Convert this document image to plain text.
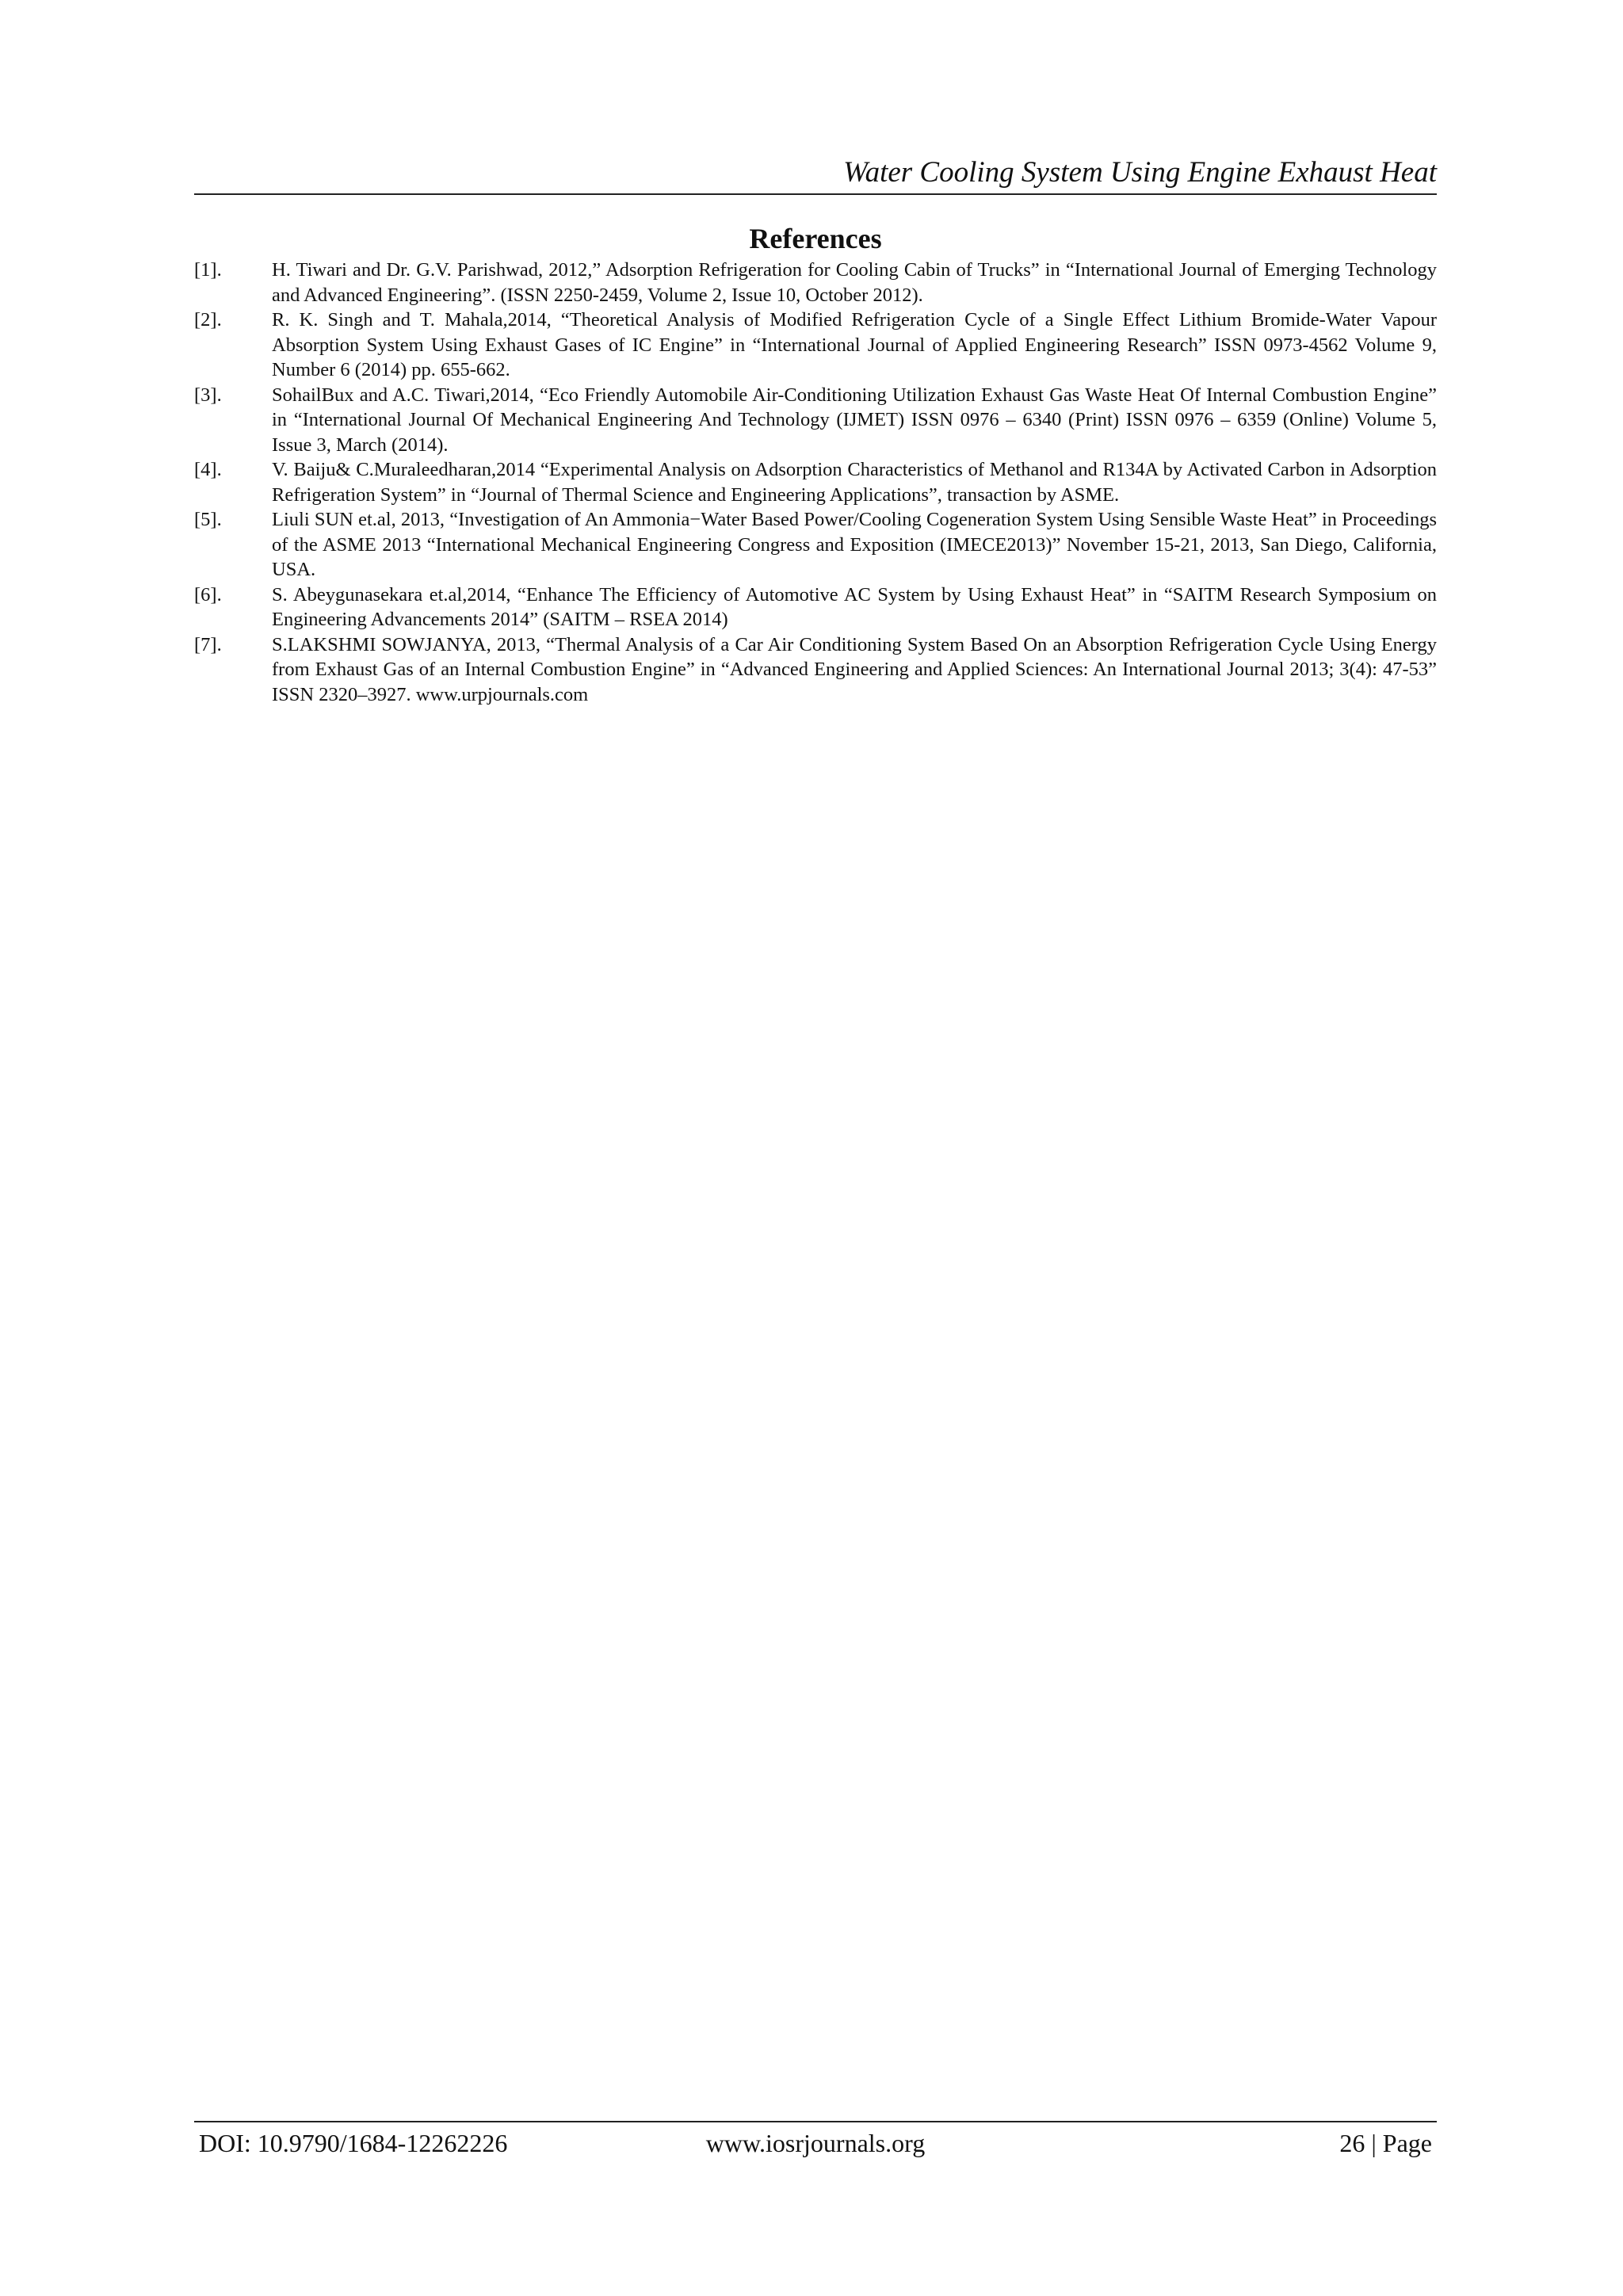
Water Cooling System Using Engine Exhaust Heat
References
[1].	H. Tiwari and Dr. G.V. Parishwad, 2012,” Adsorption Refrigeration for Cooling Cabin of Trucks” in “International Journal of Emerging Technology and Advanced Engineering”. (ISSN 2250-2459, Volume 2, Issue 10, October 2012).
[2].	R. K. Singh and T. Mahala,2014, “Theoretical Analysis of Modified Refrigeration Cycle of a Single Effect Lithium Bromide-Water Vapour Absorption System Using Exhaust Gases of IC Engine” in “International Journal of Applied Engineering Research” ISSN 0973-4562 Volume 9, Number 6 (2014) pp. 655-662.
[3].	SohailBux and A.C. Tiwari,2014, “Eco Friendly Automobile Air-Conditioning Utilization Exhaust Gas Waste Heat Of Internal Combustion Engine” in “International Journal Of Mechanical Engineering And Technology (IJMET) ISSN 0976 – 6340 (Print) ISSN 0976 – 6359 (Online) Volume 5, Issue 3, March (2014).
[4].	V. Baiju& C.Muraleedharan,2014 “Experimental Analysis on Adsorption Characteristics of Methanol and R134A by Activated Carbon in Adsorption Refrigeration System” in “Journal of Thermal Science and Engineering Applications”, transaction by ASME.
[5].	Liuli SUN et.al, 2013, “Investigation of An Ammonia−Water Based Power/Cooling Cogeneration System Using Sensible Waste Heat” in Proceedings of the ASME 2013 “International Mechanical Engineering Congress and Exposition (IMECE2013)” November 15-21, 2013, San Diego, California, USA.
[6].	S. Abeygunasekara et.al,2014, “Enhance The Efficiency of Automotive AC System by Using Exhaust Heat” in “SAITM Research Symposium on Engineering Advancements 2014” (SAITM – RSEA 2014)
[7].	S.LAKSHMI SOWJANYA, 2013, “Thermal Analysis of a Car Air Conditioning System Based On an Absorption Refrigeration Cycle Using Energy from Exhaust Gas of an Internal Combustion Engine” in “Advanced Engineering and Applied Sciences: An International Journal 2013; 3(4): 47-53” ISSN 2320–3927. www.urpjournals.com
www.iosrjournals.org
DOI: 10.9790/1684-12262226	26 | Page
